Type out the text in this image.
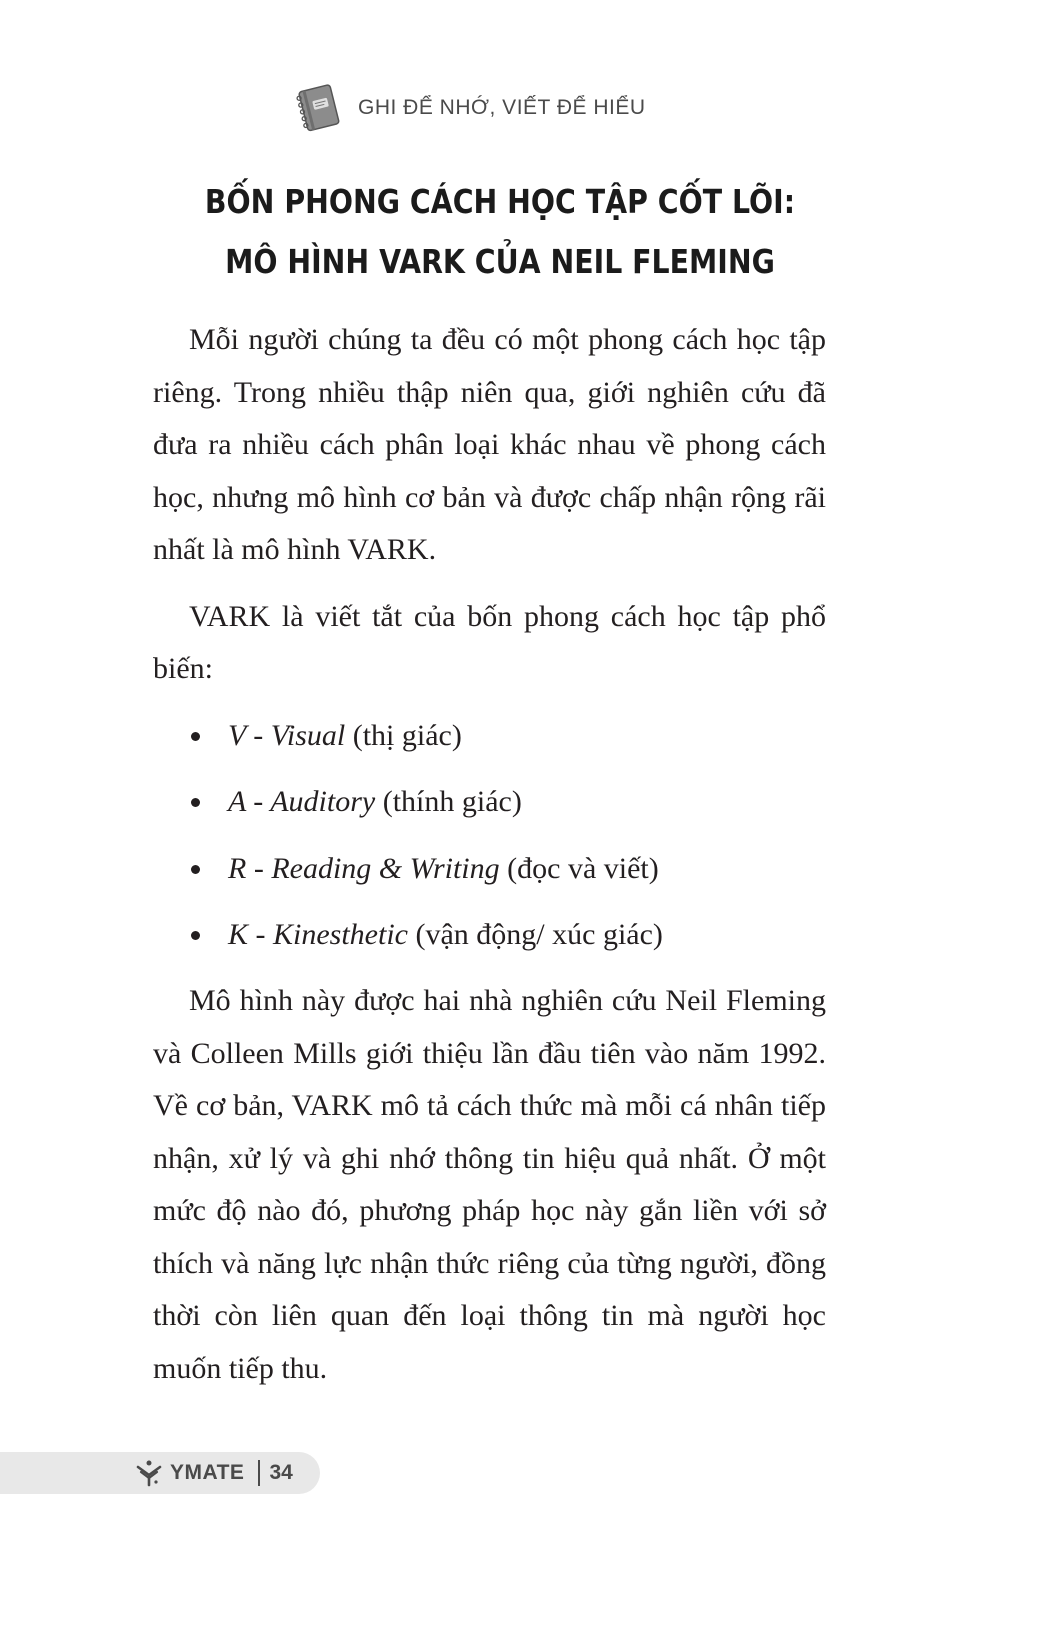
GHI ĐỂ NHỚ, VIẾT ĐỂ HIỂU
BỐN PHONG CÁCH HỌC TẬP CỐT LÕI:
MÔ HÌNH VARK CỦA NEIL FLEMING

Mỗi người chúng ta đều có một phong cách học tập riêng. Trong nhiều thập niên qua, giới nghiên cứu đã đưa ra nhiều cách phân loại khác nhau về phong cách học, nhưng mô hình cơ bản và được chấp nhận rộng rãi nhất là mô hình VARK.

VARK là viết tắt của bốn phong cách học tập phổ biến:

V - Visual (thị giác)
A - Auditory (thính giác)
R - Reading & Writing (đọc và viết)
K - Kinesthetic (vận động/ xúc giác)

Mô hình này được hai nhà nghiên cứu Neil Fleming và Colleen Mills giới thiệu lần đầu tiên vào năm 1992. Về cơ bản, VARK mô tả cách thức mà mỗi cá nhân tiếp nhận, xử lý và ghi nhớ thông tin hiệu quả nhất. Ở một mức độ nào đó, phương pháp học này gắn liền với sở thích và năng lực nhận thức riêng của từng người, đồng thời còn liên quan đến loại thông tin mà người học muốn tiếp thu.

YMATE 34
